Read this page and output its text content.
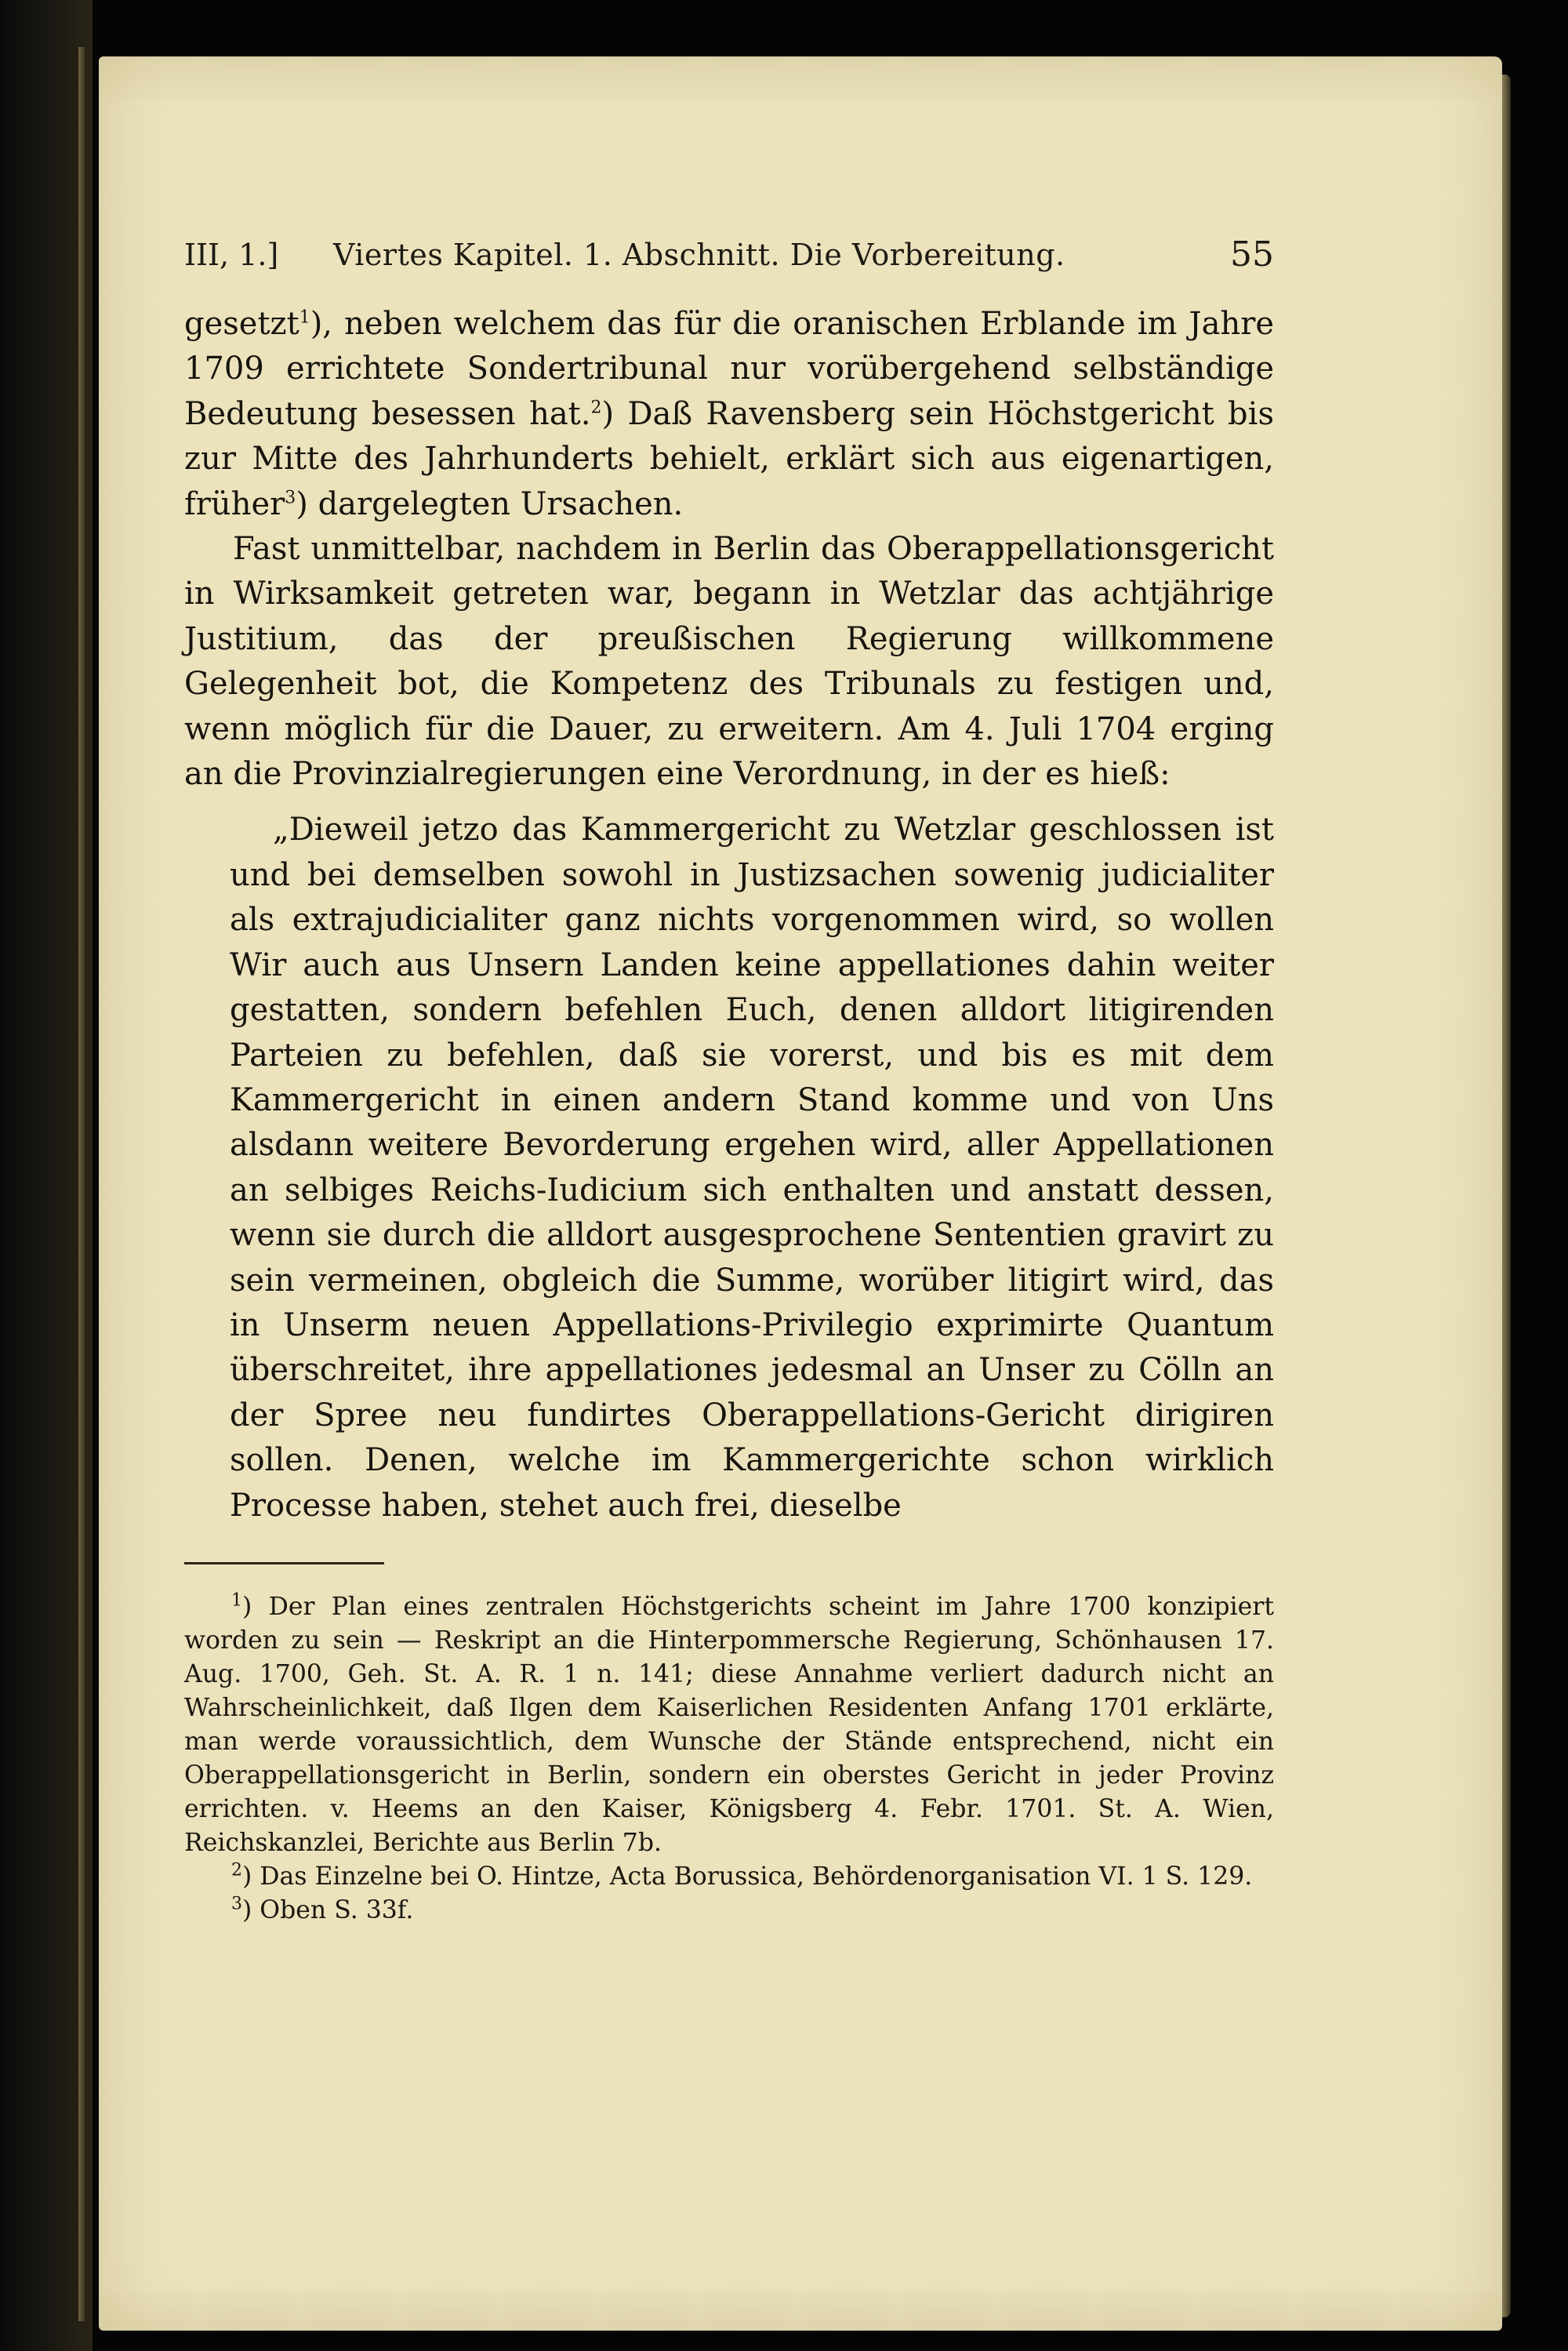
III, 1.] Viertes Kapitel. 1. Abschnitt. Die Vorbereitung.	55

gesetzt$^1$), neben welchem das für die oranischen Erblande im Jahre 1709 errichtete Sondertribunal nur vorübergehend selbständige Bedeutung besessen hat.$^2$) Daß Ravensberg sein Höchstgericht bis zur Mitte des Jahrhunderts behielt, erklärt sich aus eigenartigen, früher$^3$) dargelegten Ursachen.

Fast unmittelbar, nachdem in Berlin das Oberappellationsgericht in Wirksamkeit getreten war, begann in Wetzlar das achtjährige Justitium, das der preußischen Regierung willkommene Gelegenheit bot, die Kompetenz des Tribunals zu festigen und, wenn möglich für die Dauer, zu erweitern. Am 4. Juli 1704 erging an die Provinzialregierungen eine Verordnung, in der es hieß:

„Dieweil jetzo das Kammergericht zu Wetzlar geschlossen ist und bei demselben sowohl in Justizsachen sowenig judicialiter als extrajudicialiter ganz nichts vorgenommen wird, so wollen Wir auch aus Unsern Landen keine appellationes dahin weiter gestatten, sondern befehlen Euch, denen alldort litigirenden Parteien zu befehlen, daß sie vorerst, und bis es mit dem Kammergericht in einen andern Stand komme und von Uns alsdann weitere Bevorderung ergehen wird, aller Appellationen an selbiges Reichs-Iudicium sich enthalten und anstatt dessen, wenn sie durch die alldort ausgesprochene Sententien gravirt zu sein vermeinen, obgleich die Summe, worüber litigirt wird, das in Unserm neuen Appellations-Privilegio exprimirte Quantum überschreitet, ihre appellationes jedesmal an Unser zu Cölln an der Spree neu fundirtes Oberappellations-Gericht dirigiren sollen. Denen, welche im Kammergerichte schon wirklich Processe haben, stehet auch frei, dieselbe

$^1$) Der Plan eines zentralen Höchstgerichts scheint im Jahre 1700 konzipiert worden zu sein — Reskript an die Hinterpommersche Regierung, Schönhausen 17. Aug. 1700, Geh. St. A. R. 1 n. 141; diese Annahme verliert dadurch nicht an Wahrscheinlichkeit, daß Ilgen dem Kaiserlichen Residenten Anfang 1701 erklärte, man werde voraussichtlich, dem Wunsche der Stände entsprechend, nicht ein Oberappellationsgericht in Berlin, sondern ein oberstes Gericht in jeder Provinz errichten. v. Heems an den Kaiser, Königsberg 4. Febr. 1701. St. A. Wien, Reichskanzlei, Berichte aus Berlin 7b.

$^2$) Das Einzelne bei O. Hintze, Acta Borussica, Behördenorganisation VI. 1 S. 129.

$^3$) Oben S. 33f.
